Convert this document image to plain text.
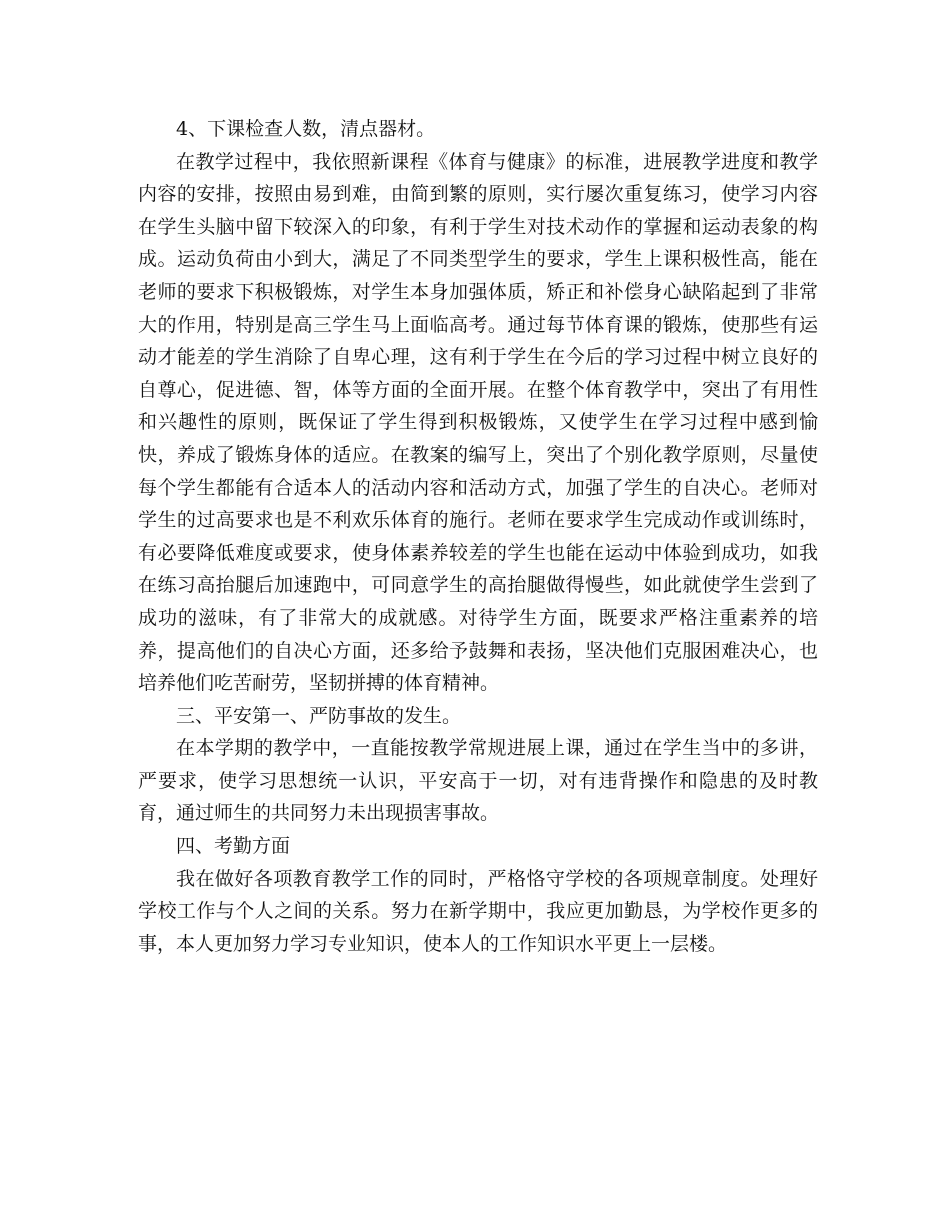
4、下课检查人数，清点器材。

在教学过程中，我依照新课程《体育与健康》的标准，进展教学进度和教学内容的安排，按照由易到难，由简到繁的原则，实行屡次重复练习，使学习内容在学生头脑中留下较深入的印象，有利于学生对技术动作的掌握和运动表象的构成。运动负荷由小到大，满足了不同类型学生的要求，学生上课积极性高，能在老师的要求下积极锻炼，对学生本身加强体质，矫正和补偿身心缺陷起到了非常大的作用，特别是高三学生马上面临高考。通过每节体育课的锻炼，使那些有运动才能差的学生消除了自卑心理，这有利于学生在今后的学习过程中树立良好的自尊心，促进德、智，体等方面的全面开展。在整个体育教学中，突出了有用性和兴趣性的原则，既保证了学生得到积极锻炼，又使学生在学习过程中感到愉快，养成了锻炼身体的适应。在教案的编写上，突出了个别化教学原则，尽量使每个学生都能有合适本人的活动内容和活动方式，加强了学生的自决心。老师对学生的过高要求也是不利欢乐体育的施行。老师在要求学生完成动作或训练时，有必要降低难度或要求，使身体素养较差的学生也能在运动中体验到成功，如我在练习高抬腿后加速跑中，可同意学生的高抬腿做得慢些，如此就使学生尝到了成功的滋味，有了非常大的成就感。对待学生方面，既要求严格注重素养的培养，提高他们的自决心方面，还多给予鼓舞和表扬，坚决他们克服困难决心，也培养他们吃苦耐劳，坚韧拼搏的体育精神。

三、平安第一、严防事故的发生。

在本学期的教学中，一直能按教学常规进展上课，通过在学生当中的多讲，严要求，使学习思想统一认识，平安高于一切，对有违背操作和隐患的及时教育，通过师生的共同努力未出现损害事故。

四、考勤方面

我在做好各项教育教学工作的同时，严格恪守学校的各项规章制度。处理好学校工作与个人之间的关系。努力在新学期中，我应更加勤恳，为学校作更多的事，本人更加努力学习专业知识，使本人的工作知识水平更上一层楼。
